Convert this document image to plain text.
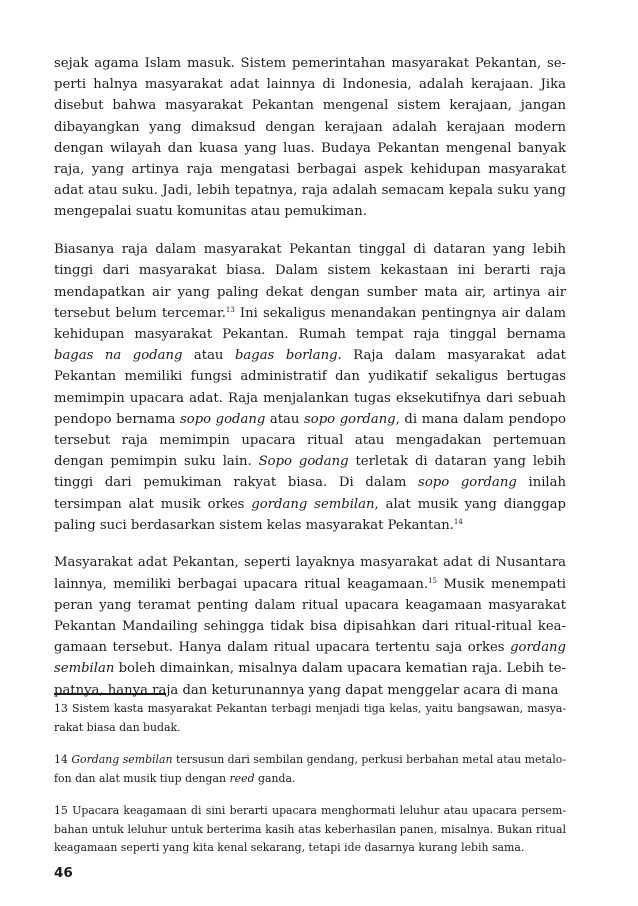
sejak agama Islam masuk. Sistem pemerintahan masyarakat Pekantan, seperti halnya masyarakat adat lainnya di Indonesia, adalah kerajaan. Jika disebut bahwa masyarakat Pekantan mengenal sistem kerajaan, jangan dibayangkan yang dimaksud dengan kerajaan adalah kerajaan modern dengan wilayah dan kuasa yang luas. Budaya Pekantan mengenal banyak raja, yang artinya raja mengatasi berbagai aspek kehidupan masyarakat adat atau suku. Jadi, lebih tepatnya, raja adalah semacam kepala suku yang mengepalai suatu komunitas atau pemukiman.

Biasanya raja dalam masyarakat Pekantan tinggal di dataran yang lebih tinggi dari masyarakat biasa. Dalam sistem kekastaan ini berarti raja mendapatkan air yang paling dekat dengan sumber mata air, artinya air tersebut belum tercemar.$^{13}$ Ini sekaligus menandakan pentingnya air dalam kehidupan masyarakat Pekantan. Rumah tempat raja tinggal bernama bagas na godang atau bagas borlang. Raja dalam masyarakat adat Pekantan memiliki fungsi administratif dan yudikatif sekaligus bertugas memimpin upacara adat. Raja menjalankan tugas eksekutifnya dari sebuah pendopo bernama sopo godang atau sopo gordang, di mana dalam pendopo tersebut raja memimpin upacara ritual atau mengadakan pertemuan dengan pemimpin suku lain. Sopo godang terletak di dataran yang lebih tinggi dari pemukiman rakyat biasa. Di dalam sopo gordang inilah tersimpan alat musik orkes gordang sembilan, alat musik yang dianggap paling suci berdasarkan sistem kelas masyarakat Pekantan.$^{14}$

Masyarakat adat Pekantan, seperti layaknya masyarakat adat di Nusantara lainnya, memiliki berbagai upacara ritual keagamaan.$^{15}$ Musik menempati peran yang teramat penting dalam ritual upacara keagamaan masyarakat Pekantan Mandailing sehingga tidak bisa dipisahkan dari ritual-ritual keagamaan tersebut. Hanya dalam ritual upacara tertentu saja orkes gordang sembilan boleh dimainkan, misalnya dalam upacara kematian raja. Lebih tepatnya, hanya raja dan keturunannya yang dapat menggelar acara di mana

13 Sistem kasta masyarakat Pekantan terbagi menjadi tiga kelas, yaitu bangsawan, masyarakat biasa dan budak.

14 Gordang sembilan tersusun dari sembilan gendang, perkusi berbahan metal atau metalofon dan alat musik tiup dengan reed ganda.

15 Upacara keagamaan di sini berarti upacara menghormati leluhur atau upacara persembahan untuk leluhur untuk berterima kasih atas keberhasilan panen, misalnya. Bukan ritual keagamaan seperti yang kita kenal sekarang, tetapi ide dasarnya kurang lebih sama.

46
